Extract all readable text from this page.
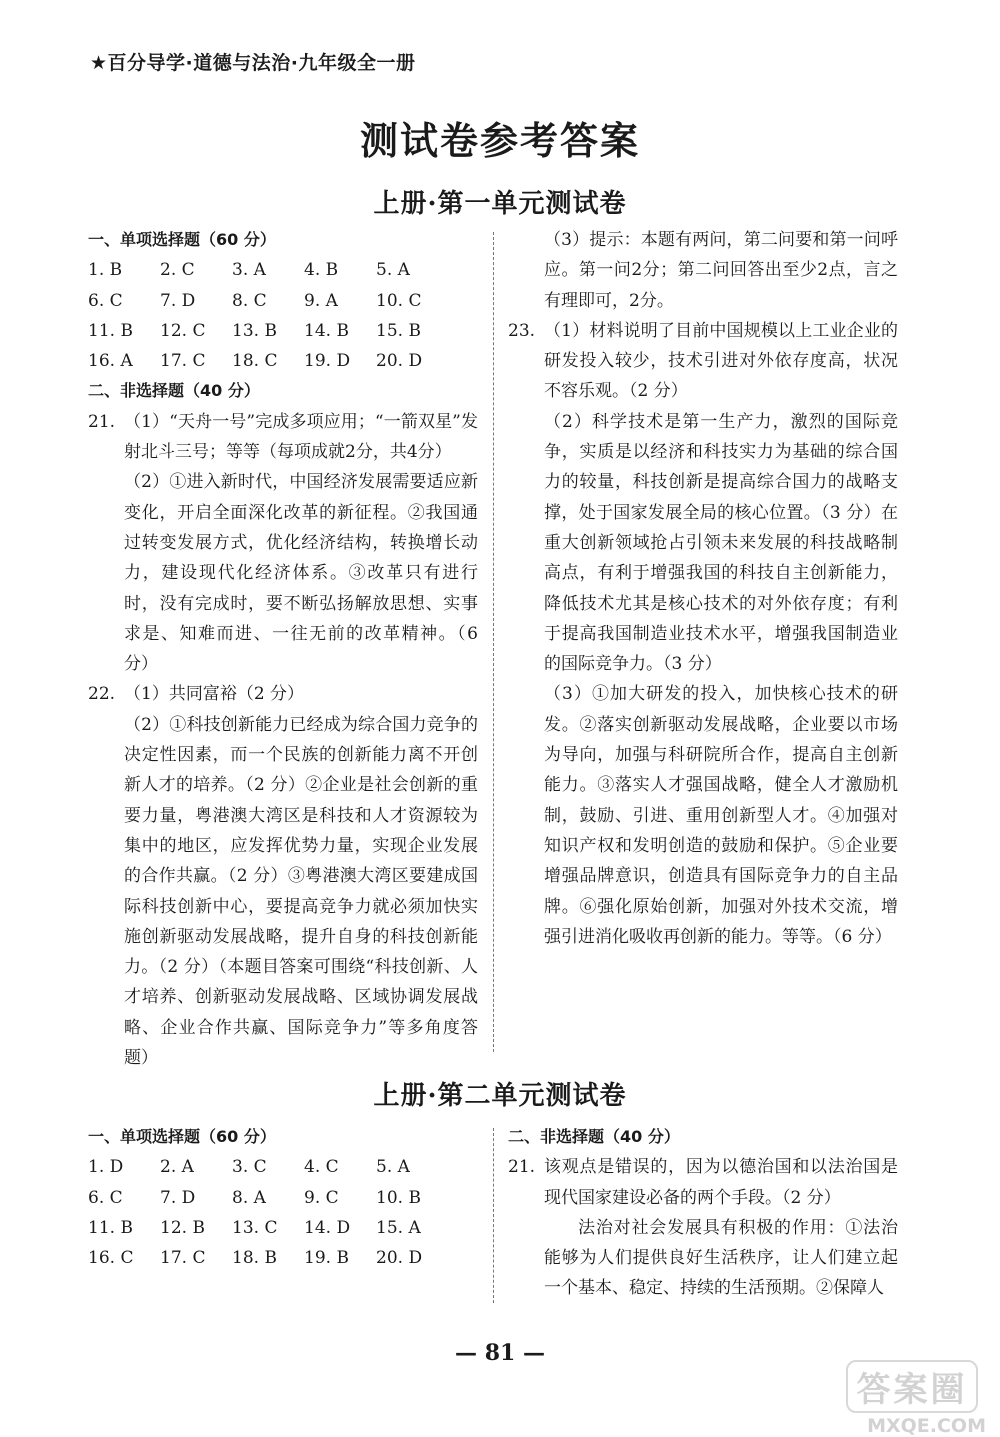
★百分导学·道德与法治·九年级全一册
测试卷参考答案
上册·第一单元测试卷
一、单项选择题（60 分）
1. B	2. C	3. A	4. B	5. A
6. C	7. D	8. C	9. A	10. C
11. B	12. C	13. B	14. B	15. B
16. A	17. C	18. C	19. D	20. D
二、非选择题（40 分）
21. （1）“天舟一号”完成多项应用；“一箭双星”发射北斗三号；等等（每项成就2分，共4分）

（2）①进入新时代，中国经济发展需要适应新变化，开启全面深化改革的新征程。②我国通过转变发展方式，优化经济结构，转换增长动力，建设现代化经济体系。③改革只有进行时，没有完成时，要不断弘扬解放思想、实事求是、知难而进、一往无前的改革精神。（6 分）

22. （1）共同富裕（2 分）

（2）①科技创新能力已经成为综合国力竞争的决定性因素，而一个民族的创新能力离不开创新人才的培养。（2 分）②企业是社会创新的重要力量，粤港澳大湾区是科技和人才资源较为集中的地区，应发挥优势力量，实现企业发展的合作共赢。（2 分）③粤港澳大湾区要建成国际科技创新中心，要提高竞争力就必须加快实施创新驱动发展战略，提升自身的科技创新能力。（2 分）（本题目答案可围绕“科技创新、人才培养、创新驱动发展战略、区域协调发展战略、企业合作共赢、国际竞争力”等多角度答题）

（3）提示：本题有两问，第二问要和第一问呼应。第一问2分；第二问回答出至少2点，言之有理即可，2分。

23. （1）材料说明了目前中国规模以上工业企业的研发投入较少，技术引进对外依存度高，状况不容乐观。（2 分）

（2）科学技术是第一生产力，激烈的国际竞争，实质是以经济和科技实力为基础的综合国力的较量，科技创新是提高综合国力的战略支撑，处于国家发展全局的核心位置。（3 分）在重大创新领域抢占引领未来发展的科技战略制高点，有利于增强我国的科技自主创新能力，降低技术尤其是核心技术的对外依存度；有利于提高我国制造业技术水平，增强我国制造业的国际竞争力。（3 分）

（3）①加大研发的投入，加快核心技术的研发。②落实创新驱动发展战略，企业要以市场为导向，加强与科研院所合作，提高自主创新能力。③落实人才强国战略，健全人才激励机制，鼓励、引进、重用创新型人才。④加强对知识产权和发明创造的鼓励和保护。⑤企业要增强品牌意识，创造具有国际竞争力的自主品牌。⑥强化原始创新，加强对外技术交流，增强引进消化吸收再创新的能力。等等。（6 分）

上册·第二单元测试卷
一、单项选择题（60 分）
1. D	2. A	3. C	4. C	5. A
6. C	7. D	8. A	9. C	10. B
11. B	12. B	13. C	14. D	15. A
16. C	17. C	18. B	19. B	20. D
二、非选择题（40 分）
21. 该观点是错误的，因为以德治国和以法治国是现代国家建设必备的两个手段。（2 分）

法治对社会发展具有积极的作用：①法治能够为人们提供良好生活秩序，让人们建立起一个基本、稳定、持续的生活预期。②保障人

— 81 —
答案圈
MXQE.COM
